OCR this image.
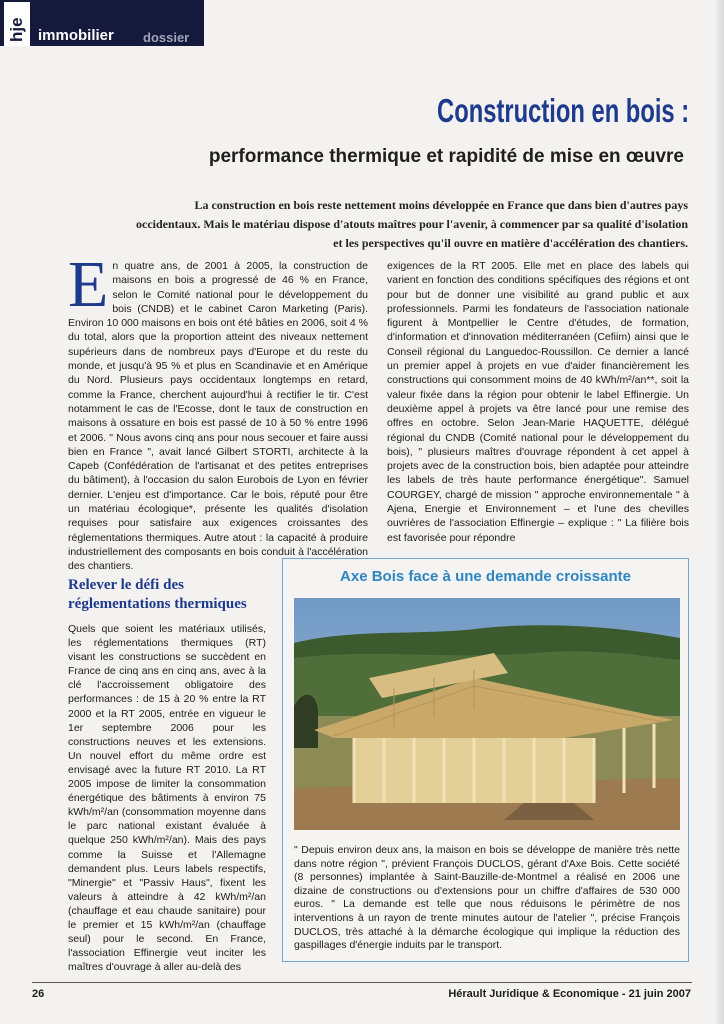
hje immobilier dossier
Construction en bois :
performance thermique et rapidité de mise en œuvre

La construction en bois reste nettement moins développée en France que dans bien d'autres pays
occidentaux. Mais le matériau dispose d'atouts maîtres pour l'avenir, à commencer par sa qualité d'isolation
et les perspectives qu'il ouvre en matière d'accélération des chantiers.

E n quatre ans, de 2001 à 2005, la construction de maisons en bois a progressé de 46 % en France, selon le Comité national pour le développement du bois (CNDB) et le cabinet Caron Marketing (Paris). Environ 10 000 maisons en bois ont été bâties en 2006, soit 4 % du total, alors que la proportion atteint des niveaux nettement supérieurs dans de nombreux pays d'Europe et du reste du monde, et jusqu'à 95 % et plus en Scandinavie et en Amérique du Nord. Plusieurs pays occidentaux longtemps en retard, comme la France, cherchent aujourd'hui à rectifier le tir. C'est notamment le cas de l'Ecosse, dont le taux de construction en maisons à ossature en bois est passé de 10 à 50 % entre 1996 et 2006. " Nous avons cinq ans pour nous secouer et faire aussi bien en France ", avait lancé Gilbert STORTI, architecte à la Capeb (Confédération de l'artisanat et des petites entreprises du bâtiment), à l'occasion du salon Eurobois de Lyon en février dernier. L'enjeu est d'importance. Car le bois, réputé pour être un matériau écologique*, présente les qualités d'isolation requises pour satisfaire aux exigences croissantes des réglementations thermiques. Autre atout : la capacité à produire industriellement des composants en bois conduit à l'accélération des chantiers.

exigences de la RT 2005. Elle met en place des labels qui varient en fonction des conditions spécifiques des régions et ont pour but de donner une visibilité au grand public et aux professionnels. Parmi les fondateurs de l'association nationale figurent à Montpellier le Centre d'études, de formation, d'information et d'innovation méditerranéen (Cefiim) ainsi que le Conseil régional du Languedoc-Roussillon. Ce dernier a lancé un premier appel à projets en vue d'aider financièrement les constructions qui consomment moins de 40 kWh/m²/an**, soit la valeur fixée dans la région pour obtenir le label Effinergie. Un deuxième appel à projets va être lancé pour une remise des offres en octobre. Selon Jean-Marie HAQUETTE, délégué régional du CNDB (Comité national pour le développement du bois), " plusieurs maîtres d'ouvrage répondent à cet appel à projets avec de la construction bois, bien adaptée pour atteindre les labels de très haute performance énergétique". Samuel COURGEY, chargé de mission " approche environnementale " à Ajena, Energie et Environnement – et l'une des chevilles ouvrières de l'association Effinergie – explique : " La filière bois est favorisée pour répondre

Relever le défi des réglementations thermiques

Quels que soient les matériaux utilisés, les réglementations thermiques (RT) visant les constructions se succèdent en France de cinq ans en cinq ans, avec à la clé l'accroissement obligatoire des performances : de 15 à 20 % entre la RT 2000 et la RT 2005, entrée en vigueur le 1er septembre 2006 pour les constructions neuves et les extensions. Un nouvel effort du même ordre est envisagé avec la future RT 2010. La RT 2005 impose de limiter la consommation énergétique des bâtiments à environ 75 kWh/m²/an (consommation moyenne dans le parc national existant évaluée à quelque 250 kWh/m²/an). Mais des pays comme la Suisse et l'Allemagne demandent plus. Leurs labels respectifs, "Minergie" et "Passiv Haus", fixent les valeurs à atteindre à 42 kWh/m²/an (chauffage et eau chaude sanitaire) pour le premier et 15 kWh/m²/an (chauffage seul) pour le second. En France, l'association Effinergie veut inciter les maîtres d'ouvrage à aller au-delà des

Axe Bois face à une demande croissante

" Depuis environ deux ans, la maison en bois se développe de manière très nette dans notre région ", prévient François DUCLOS, gérant d'Axe Bois. Cette société (8 personnes) implantée à Saint-Bauzille-de-Montmel a réalisé en 2006 une dizaine de constructions ou d'extensions pour un chiffre d'affaires de 530 000 euros. " La demande est telle que nous réduisons le périmètre de nos interventions à un rayon de trente minutes autour de l'atelier ", précise François DUCLOS, très attaché à la démarche écologique qui implique la réduction des gaspillages d'énergie induits par le transport.

26	Hérault Juridique & Economique - 21 juin 2007
